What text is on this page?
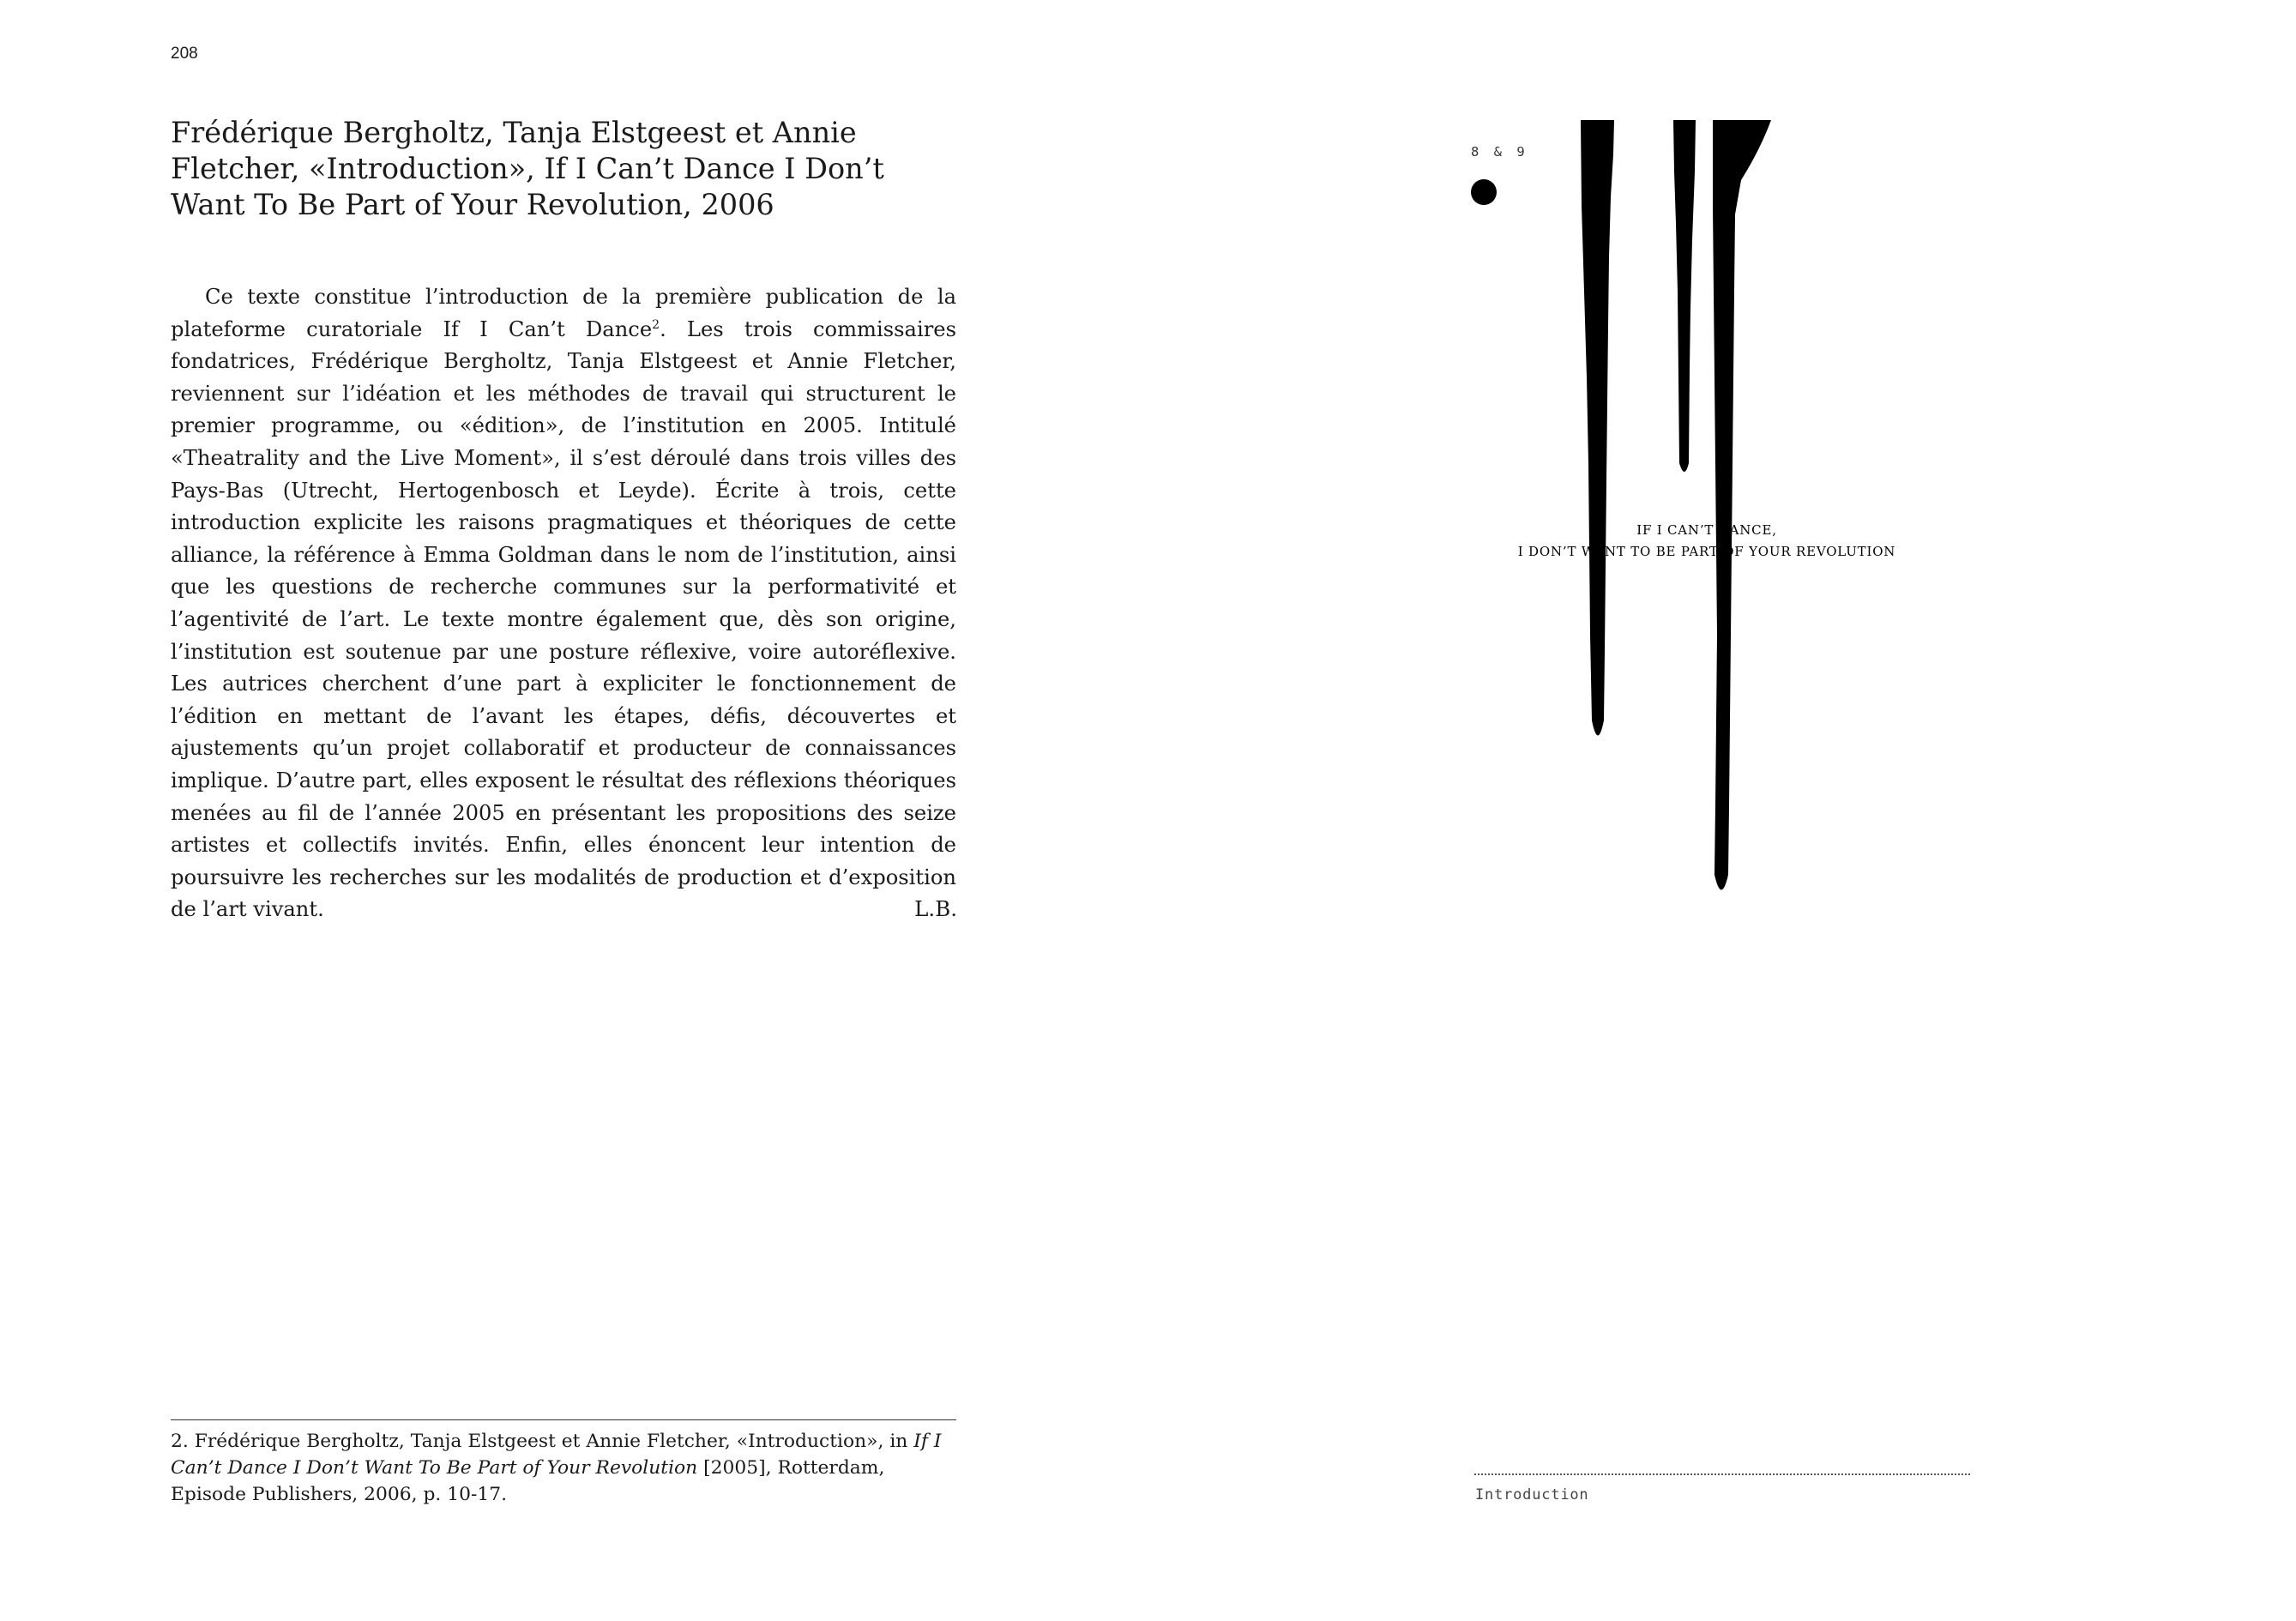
208
Frédérique Bergholtz, Tanja Elstgeest et Annie Fletcher, «Introduction», If I Can’t Dance I Don’t Want To Be Part of Your Revolution, 2006

Ce texte constitue l’introduction de la première publication de la plateforme curatoriale If I Can’t Dance$^2$. Les trois commissaires fondatrices, Frédérique Bergholtz, Tanja Elstgeest et Annie Fletcher, reviennent sur l’idéation et les méthodes de travail qui structurent le premier programme, ou «édition», de l’institution en 2005. Intitulé «Theatrality and the Live Moment», il s’est déroulé dans trois villes des Pays-Bas (Utrecht, Hertogenbosch et Leyde). Écrite à trois, cette introduction explicite les raisons pragmatiques et théoriques de cette alliance, la référence à Emma Goldman dans le nom de l’institution, ainsi que les questions de recherche communes sur la performativité et l’agentivité de l’art. Le texte montre également que, dès son origine, l’institution est soutenue par une posture réflexive, voire autoréflexive. Les autrices cherchent d’une part à expliciter le fonctionnement de l’édition en mettant de l’avant les étapes, défis, découvertes et ajustements qu’un projet collaboratif et producteur de connaissances implique. D’autre part, elles exposent le résultat des réflexions théoriques menées au fil de l’année 2005 en présentant les propositions des seize artistes et collectifs invités. Enfin, elles énoncent leur intention de poursuivre les recherches sur les modalités de production et d’exposition de l’art vivant.	L.B.

2. Frédérique Bergholtz, Tanja Elstgeest et Annie Fletcher, «Introduction», in If I Can’t Dance I Don’t Want To Be Part of Your Revolution [2005], Rotterdam, Episode Publishers, 2006, p. 10-17.

8 & 9
IF I CAN’T DANCE,
I DON’T WANT TO BE PART OF YOUR REVOLUTION
Introduction
